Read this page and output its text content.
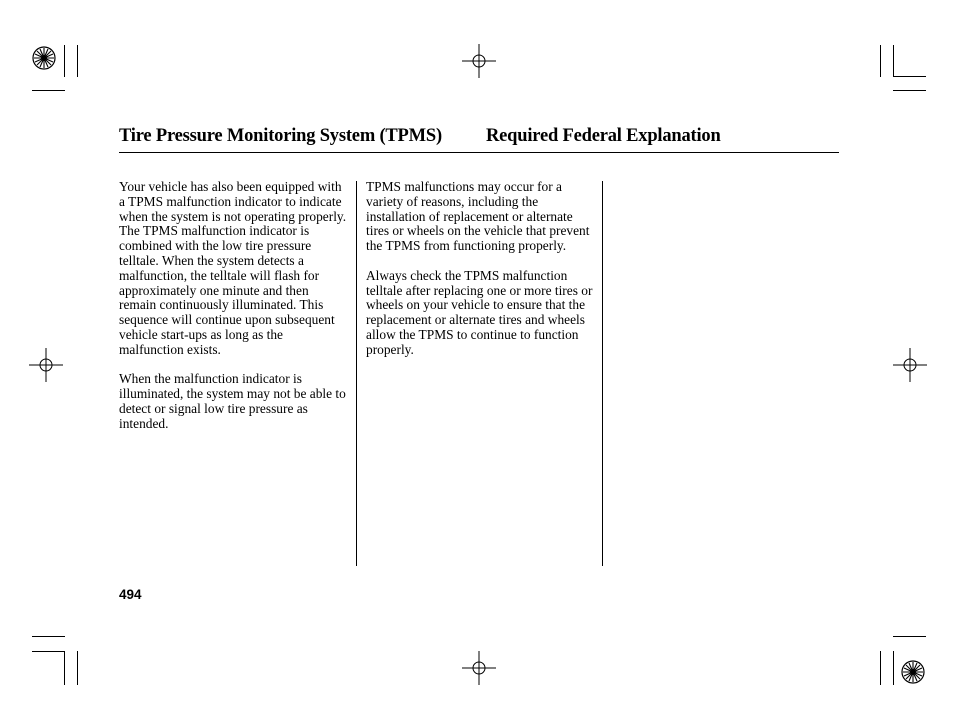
Tire Pressure Monitoring System (TPMS) Required Federal Explanation

Your vehicle has also been equipped with a TPMS malfunction indicator to indicate when the system is not operating properly. The TPMS malfunction indicator is combined with the low tire pressure telltale. When the system detects a malfunction, the telltale will flash for approximately one minute and then remain continuously illuminated. This sequence will continue upon subsequent vehicle start-ups as long as the malfunction exists.

When the malfunction indicator is illuminated, the system may not be able to detect or signal low tire pressure as intended.

TPMS malfunctions may occur for a variety of reasons, including the installation of replacement or alternate tires or wheels on the vehicle that prevent the TPMS from functioning properly.

Always check the TPMS malfunction telltale after replacing one or more tires or wheels on your vehicle to ensure that the replacement or alternate tires and wheels allow the TPMS to continue to function properly.

494
